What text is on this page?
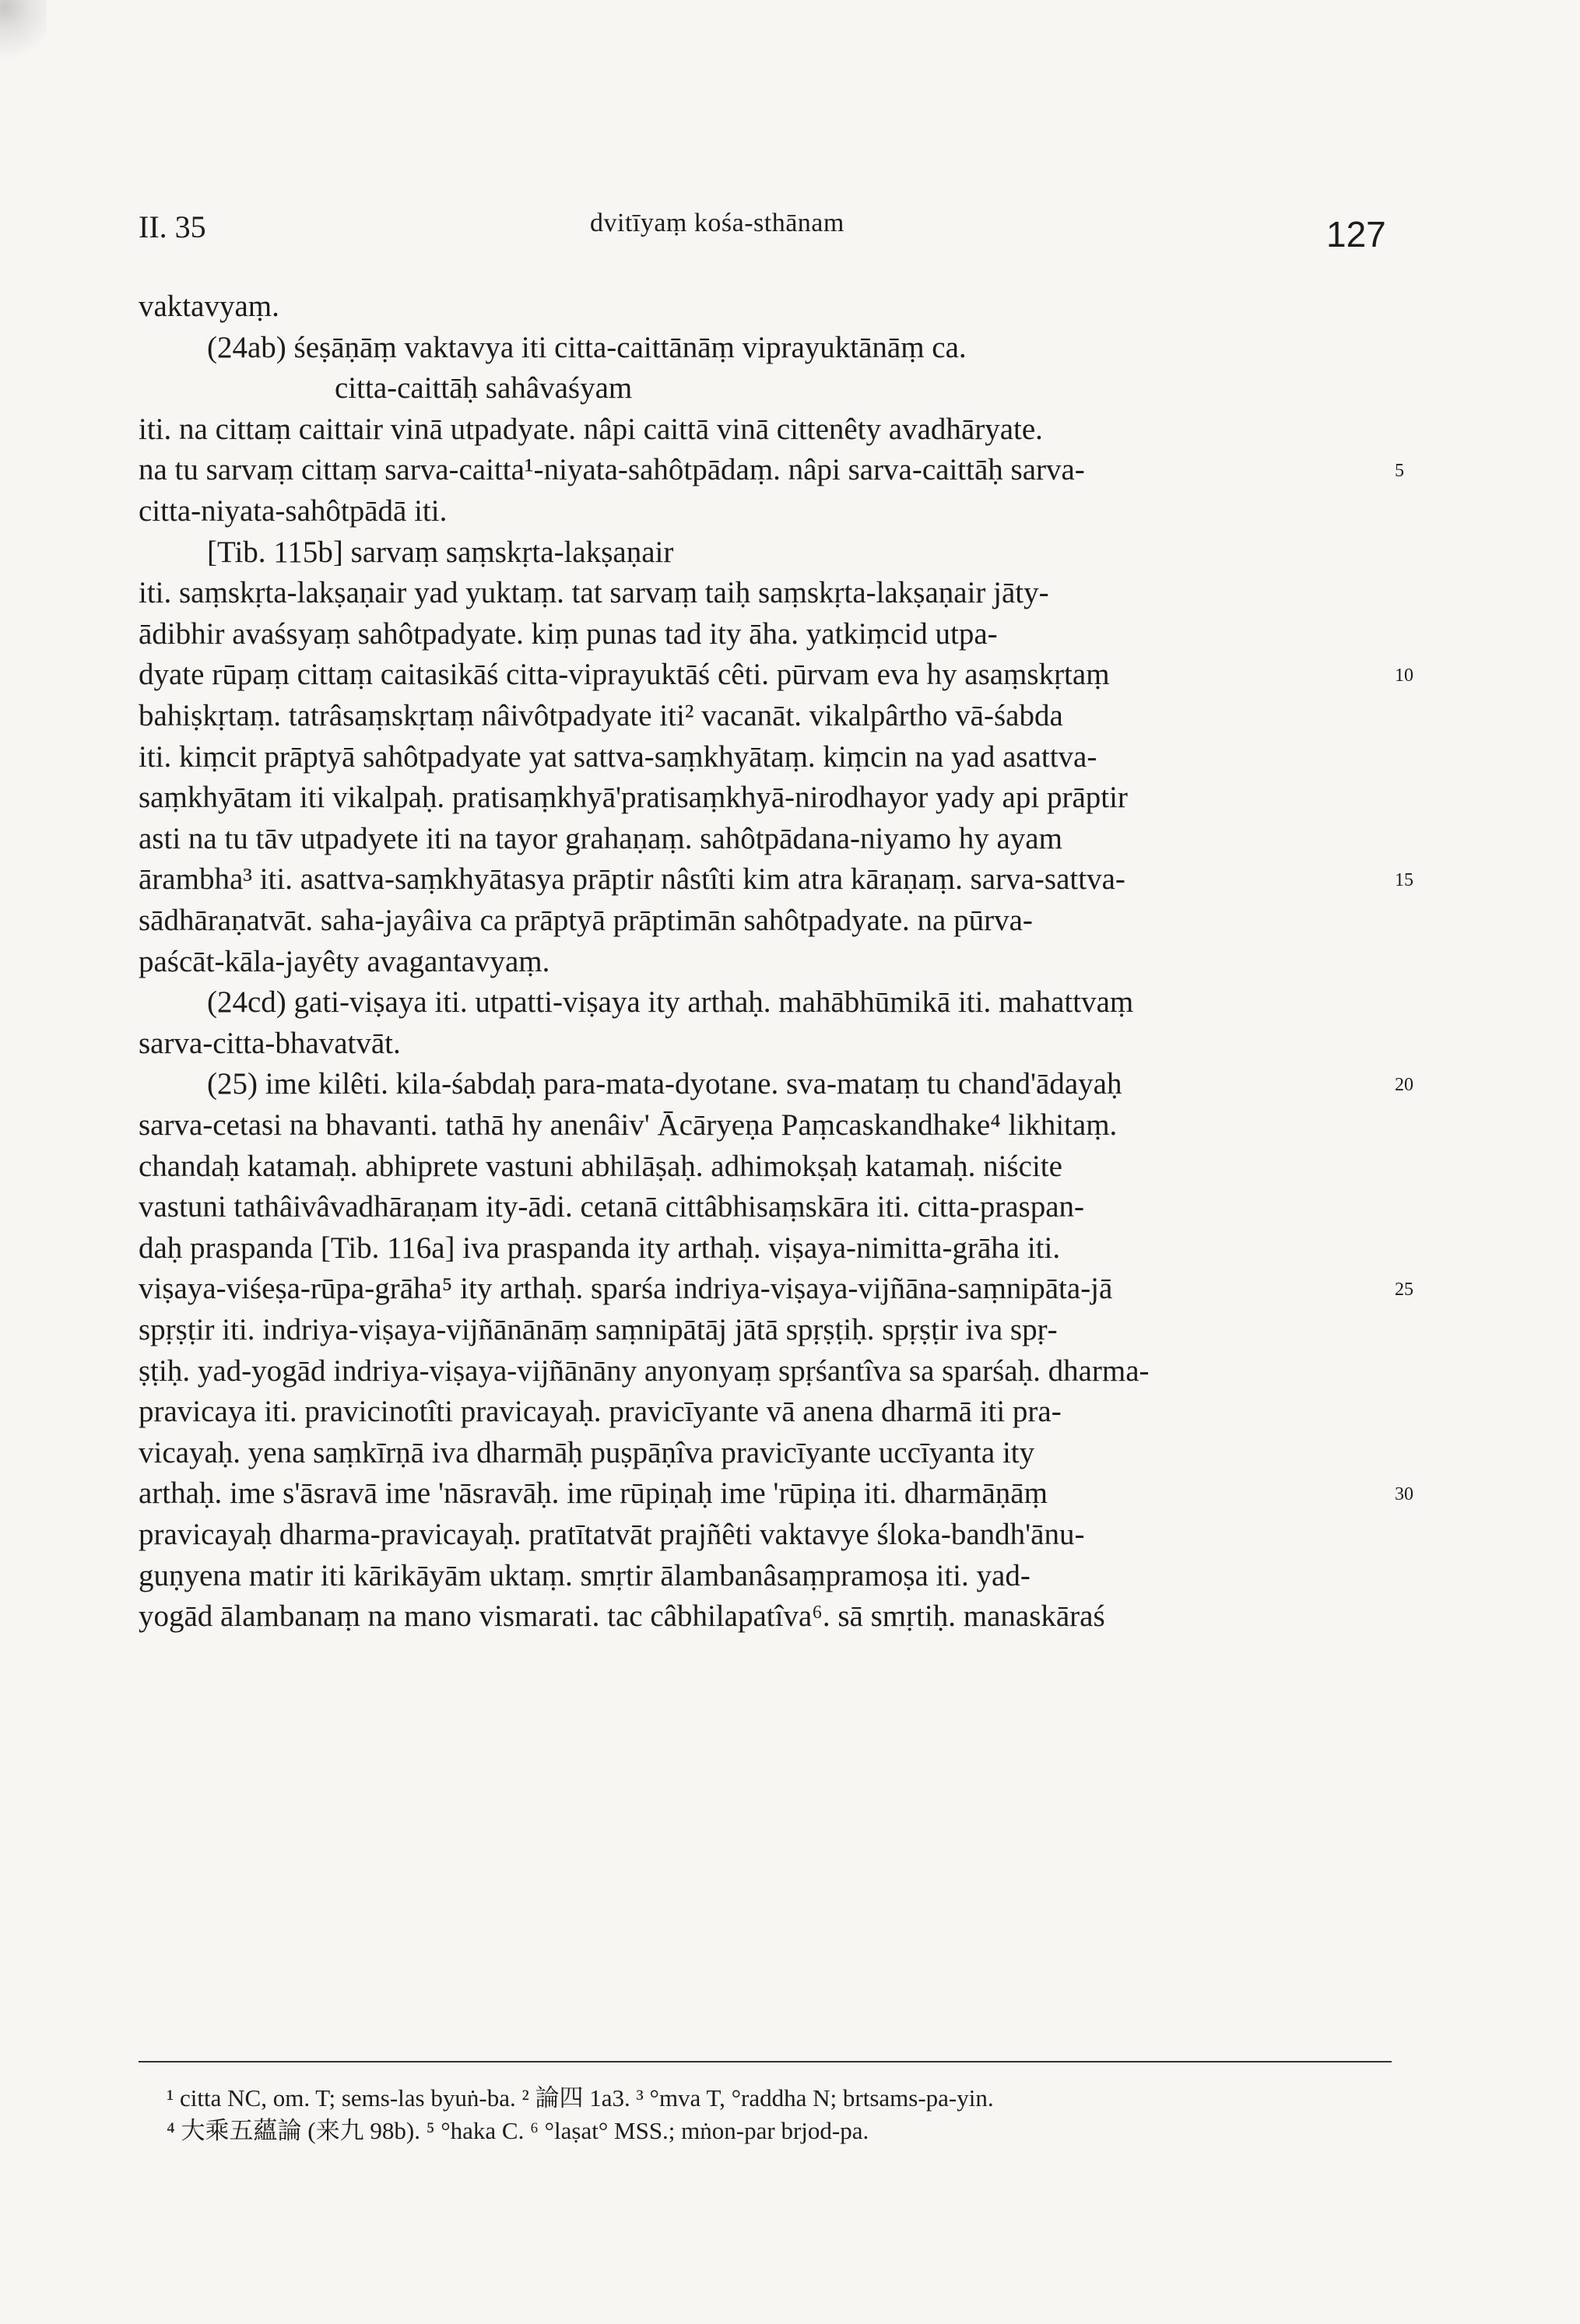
II. 35	dvitīyaṃ kośa-sthānam	127
vaktavyaṃ.
(24ab) śeṣāṇāṃ vaktavya iti citta-caittānāṃ viprayuktānāṃ ca.
citta-caittāḥ sahâvaśyam
iti. na cittaṃ caittair vinā utpadyate. nâpi caittā vinā cittenêty avadhāryate.
na tu sarvaṃ cittaṃ sarva-caitta¹-niyata-sahôtpādaṃ. nâpi sarva-caittāḥ sarva-
citta-niyata-sahôtpādā iti.
[Tib. 115b] sarvaṃ saṃskṛta-lakṣaṇair
iti. saṃskṛta-lakṣaṇair yad yuktaṃ. tat sarvaṃ taiḥ saṃskṛta-lakṣaṇair jāty-
ādibhir avaśsyaṃ sahôtpadyate. kiṃ punas tad ity āha. yatkiṃcid utpa-
dyate rūpaṃ cittaṃ caitasikāś citta-viprayuktāś cêti. pūrvam eva hy asaṃskṛtaṃ
bahiṣkṛtaṃ. tatrâsaṃskṛtaṃ nâivôtpadyate iti² vacanāt. vikalpârtho vā-śabda
iti. kiṃcit prāptyā sahôtpadyate yat sattva-saṃkhyātaṃ. kiṃcin na yad asattva-
saṃkhyātam iti vikalpaḥ. pratisaṃkhyā'pratisaṃkhyā-nirodhayor yady api prāptir
asti na tu tāv utpadyete iti na tayor grahaṇaṃ. sahôtpādana-niyamo hy ayam
ārambha³ iti. asattva-saṃkhyātasya prāptir nâstîti kim atra kāraṇaṃ. sarva-sattva-
sādhāraṇatvāt. saha-jayâiva ca prāptyā prāptimān sahôtpadyate. na pūrva-
paścāt-kāla-jayêty avagantavyaṃ.
(24cd) gati-viṣaya iti. utpatti-viṣaya ity arthaḥ. mahābhūmikā iti. mahattvaṃ
sarva-citta-bhavatvāt.
(25) ime kilêti. kila-śabdaḥ para-mata-dyotane. sva-mataṃ tu chand'ādayaḥ
sarva-cetasi na bhavanti. tathā hy anenâiv' Ācāryeṇa Paṃcaskandhake⁴ likhitaṃ.
chandaḥ katamaḥ. abhiprete vastuni abhilāṣaḥ. adhimokṣaḥ katamaḥ. niścite
vastuni tathâivâvadhāraṇam ity-ādi. cetanā cittâbhisaṃskāra iti. citta-praspan-
daḥ praspanda [Tib. 116a] iva praspanda ity arthaḥ. viṣaya-nimitta-grāha iti.
viṣaya-viśeṣa-rūpa-grāha⁵ ity arthaḥ. sparśa indriya-viṣaya-vijñāna-saṃnipāta-jā
spṛṣṭir iti. indriya-viṣaya-vijñānānāṃ saṃnipātāj jātā spṛṣṭiḥ. spṛṣṭir iva spṛ-
ṣṭiḥ. yad-yogād indriya-viṣaya-vijñānāny anyonyaṃ spṛśantîva sa sparśaḥ. dharma-
pravicaya iti. pravicinotîti pravicayaḥ. pravicīyante vā anena dharmā iti pra-
vicayaḥ. yena saṃkīrṇā iva dharmāḥ puṣpāṇîva pravicīyante uccīyanta ity
arthaḥ. ime s'āsravā ime 'nāsravāḥ. ime rūpiṇaḥ ime 'rūpiṇa iti. dharmāṇāṃ
pravicayaḥ dharma-pravicayaḥ. pratītatvāt prajñêti vaktavye śloka-bandh'ānu-
guṇyena matir iti kārikāyām uktaṃ. smṛtir ālambanâsaṃpramoṣa iti. yad-
yogād ālambanaṃ na mano vismarati. tac câbhilapatîva⁶. sā smṛtiḥ. manaskāraś
5
10
15
20
25
30
¹ citta NC, om. T; sems-las byuṅ-ba. ² 論四 1a3. ³ °mva T, °raddha N; brtsams-pa-yin.
⁴ 大乘五蘊論 (来九 98b). ⁵ °haka C. ⁶ °laṣat° MSS.; mṅon-par brjod-pa.
